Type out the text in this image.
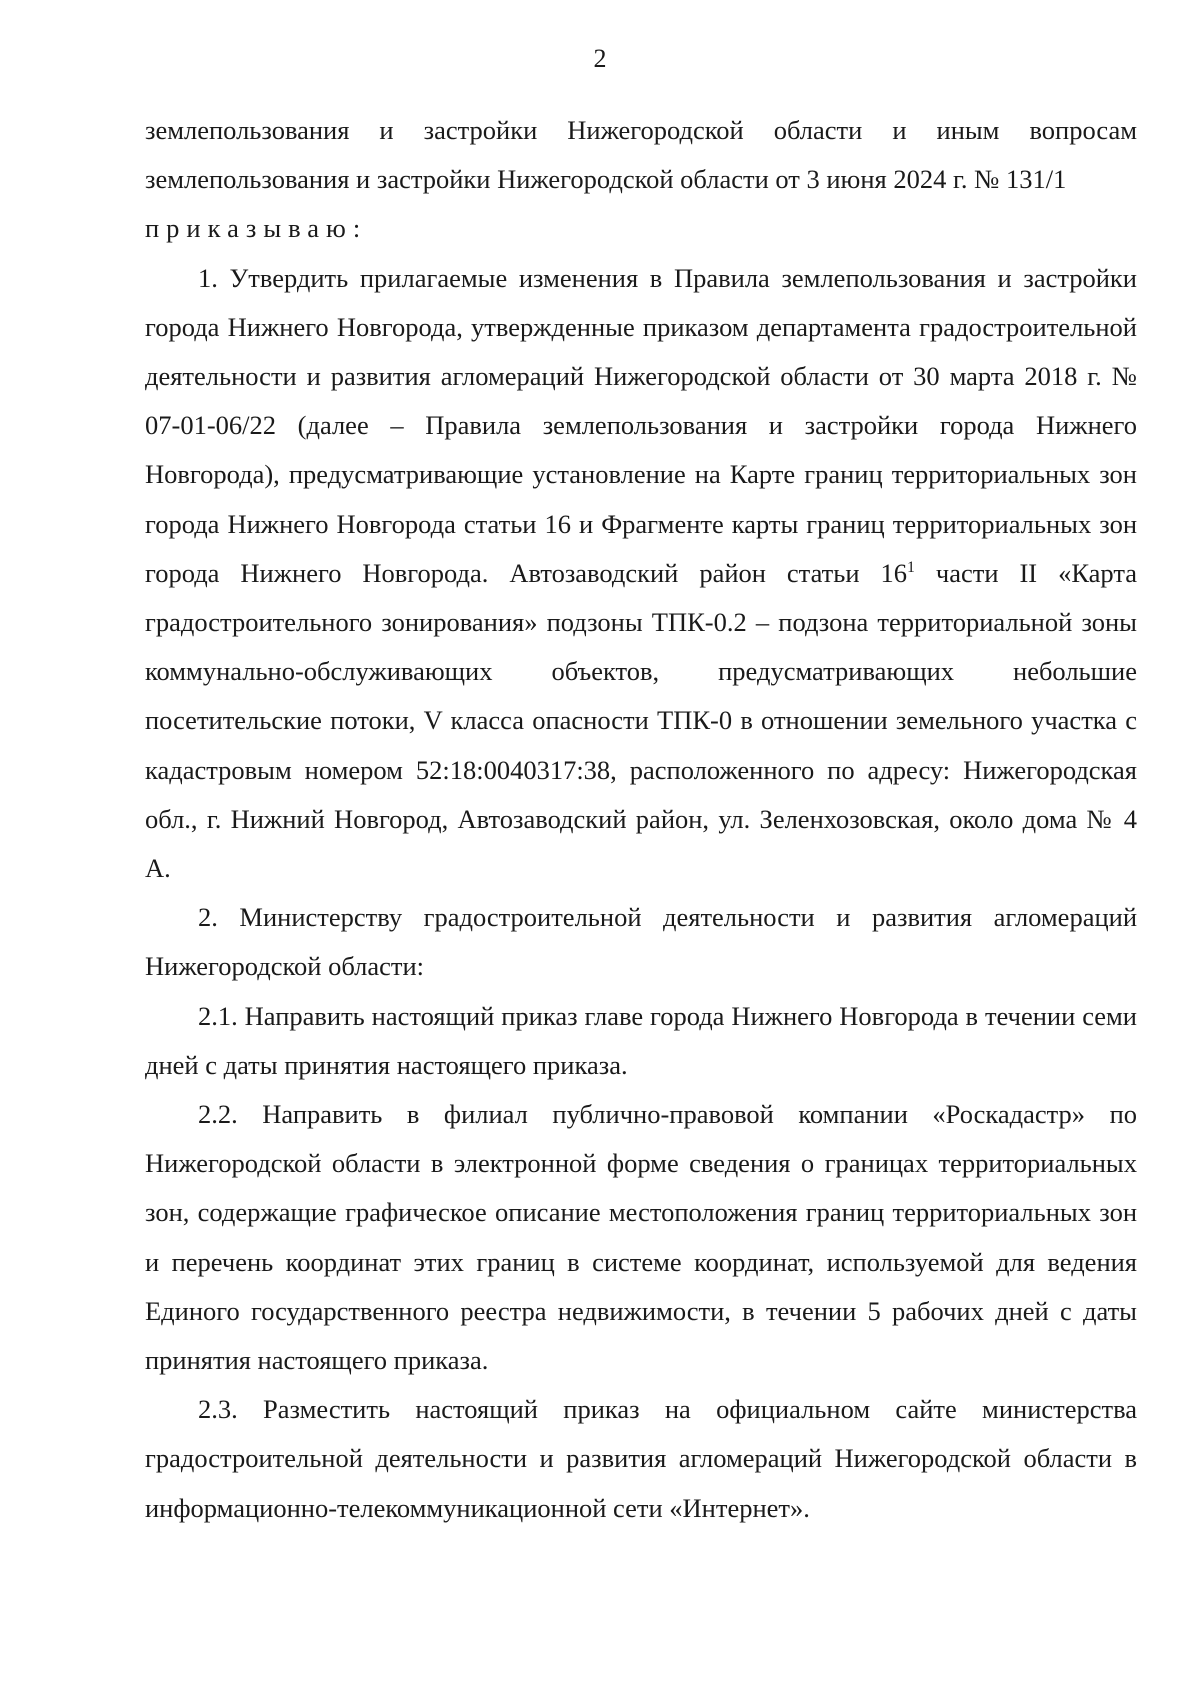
2

землепользования и застройки Нижегородской области и иным вопросам землепользования и застройки Нижегородской области от 3 июня 2024 г. № 131/1

приказываю:

1. Утвердить прилагаемые изменения в Правила землепользования и застройки города Нижнего Новгорода, утвержденные приказом департамента градостроительной деятельности и развития агломераций Нижегородской области от 30 марта 2018 г. № 07-01-06/22 (далее – Правила землепользования и застройки города Нижнего Новгорода), предусматривающие установление на Карте границ территориальных зон города Нижнего Новгорода статьи 16 и Фрагменте карты границ территориальных зон города Нижнего Новгорода. Автозаводский район статьи $16^1$ части II «Карта градостроительного зонирования» подзоны ТПК-0.2 – подзона территориальной зоны коммунально-обслуживающих объектов, предусматривающих небольшие посетительские потоки, V класса опасности ТПК-0 в отношении земельного участка с кадастровым номером 52:18:0040317:38, расположенного по адресу: Нижегородская обл., г. Нижний Новгород, Автозаводский район, ул. Зеленхозовская, около дома № 4 А.

2. Министерству градостроительной деятельности и развития агломераций Нижегородской области:

2.1. Направить настоящий приказ главе города Нижнего Новгорода в течении семи дней с даты принятия настоящего приказа.

2.2. Направить в филиал публично-правовой компании «Роскадастр» по Нижегородской области в электронной форме сведения о границах территориальных зон, содержащие графическое описание местоположения границ территориальных зон и перечень координат этих границ в системе координат, используемой для ведения Единого государственного реестра недвижимости, в течении 5 рабочих дней с даты принятия настоящего приказа.

2.3. Разместить настоящий приказ на официальном сайте министерства градостроительной деятельности и развития агломераций Нижегородской области в информационно-телекоммуникационной сети «Интернет».
